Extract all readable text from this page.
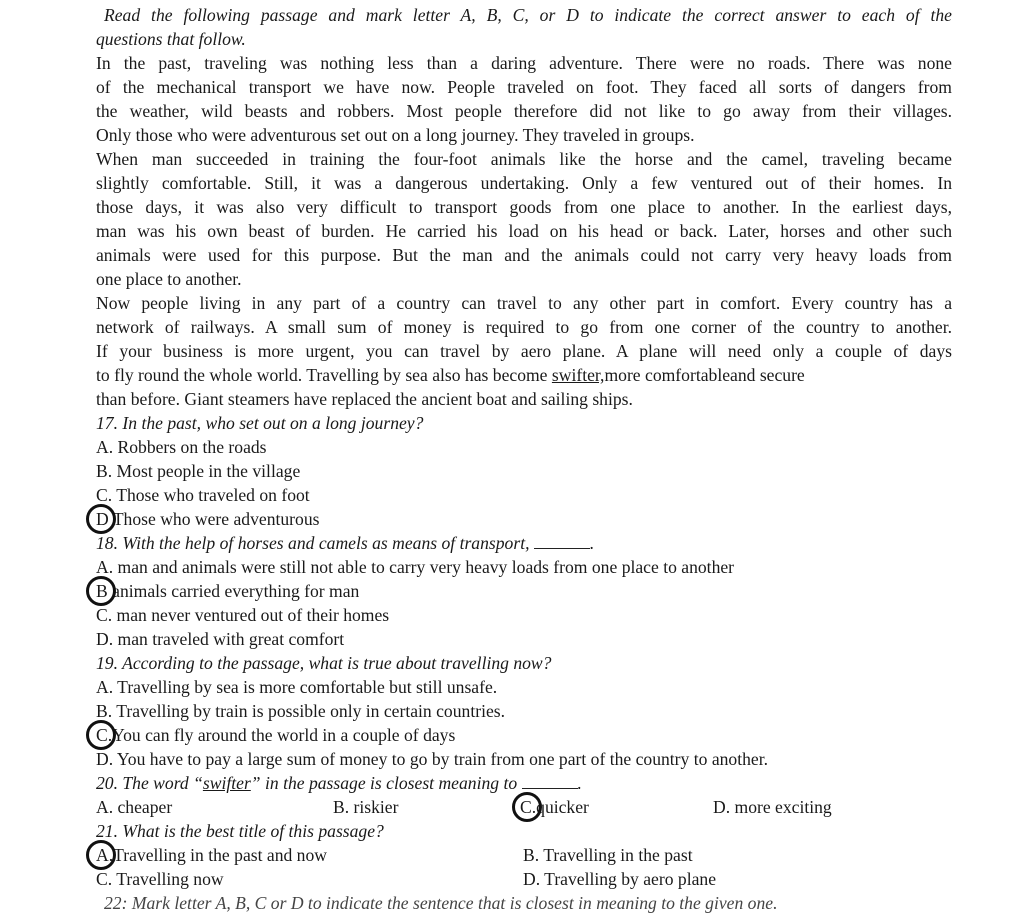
Read the following passage and mark letter A, B, C, or D to indicate the correct answer to each of the
questions that follow.
In the past, traveling was nothing less than a daring adventure. There were no roads. There was none
of the mechanical transport we have now. People traveled on foot. They faced all sorts of dangers from
the weather, wild beasts and robbers. Most people therefore did not like to go away from their villages.
Only those who were adventurous set out on a long journey. They traveled in groups.
When man succeeded in training the four-foot animals like the horse and the camel, traveling became
slightly comfortable. Still, it was a dangerous undertaking. Only a few ventured out of their homes. In
those days, it was also very difficult to transport goods from one place to another. In the earliest days,
man was his own beast of burden. He carried his load on his head or back. Later, horses and other such
animals were used for this purpose. But the man and the animals could not carry very heavy loads from
one place to another.
Now people living in any part of a country can travel to any other part in comfort. Every country has a
network of railways. A small sum of money is required to go from one corner of the country to another.
If your business is more urgent, you can travel by aero plane. A plane will need only a couple of days
to fly round the whole world. Travelling by sea also has become swifter,more comfortableand secure
than before. Giant steamers have replaced the ancient boat and sailing ships.
17. In the past, who set out on a long journey?
A. Robbers on the roads
B. Most people in the village
C. Those who traveled on foot
D Those who were adventurous
18. With the help of horses and camels as means of transport,	.
A. man and animals were still not able to carry very heavy loads from one place to another
B animals carried everything for man
C. man never ventured out of their homes
D. man traveled with great comfort
19. According to the passage, what is true about travelling now?
A. Travelling by sea is more comfortable but still unsafe.
B. Travelling by train is possible only in certain countries.
C.You can fly around the world in a couple of days
D. You have to pay a large sum of money to go by train from one part of the country to another.
20. The word “swifter” in the passage is closest meaning to	.
A. cheaper	B. riskier	C.quicker	D. more exciting
21. What is the best title of this passage?
A.Travelling in the past and now	B. Travelling in the past
C. Travelling now	D. Travelling by aero plane
22: Mark letter A, B, C or D to indicate the sentence that is closest in meaning to the given one.
